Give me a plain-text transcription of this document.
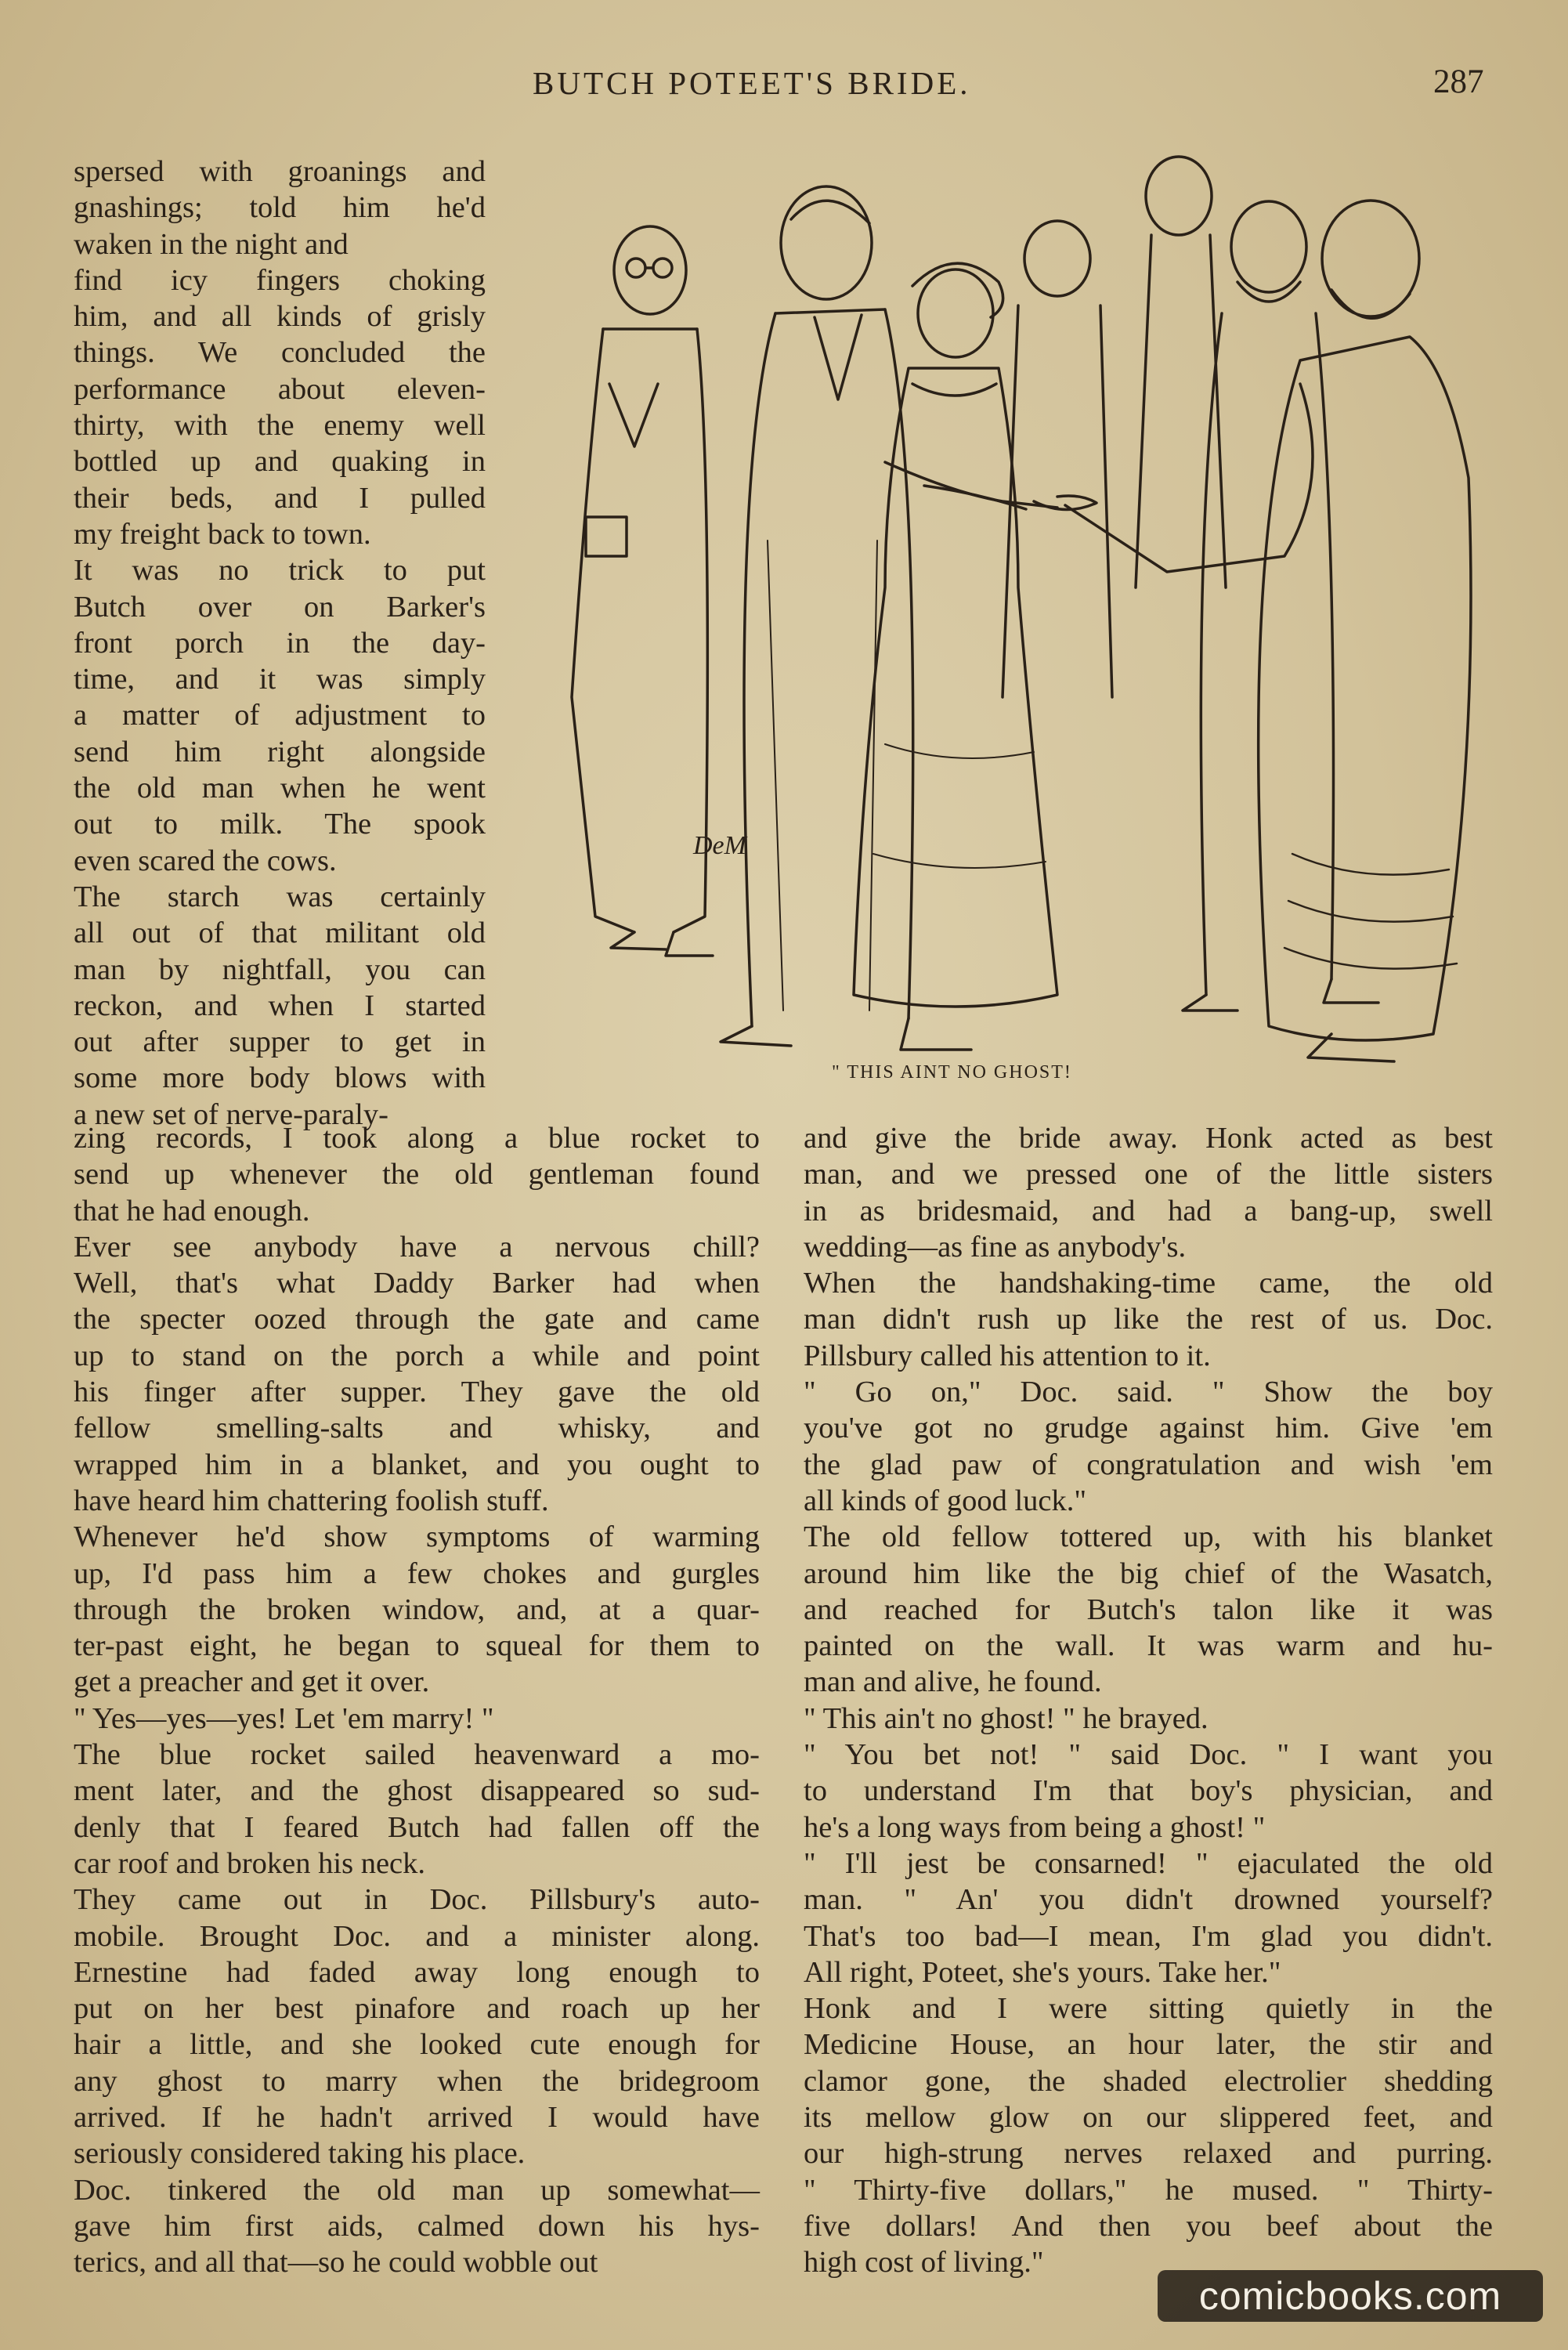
BUTCH POTEET'S BRIDE.	287
spersed with groanings and
gnashings; told him he'd
waken in the night and
find icy fingers choking
him, and all kinds of grisly
things. We concluded the
performance about eleven-
thirty, with the enemy well
bottled up and quaking in
their beds, and I pulled
my freight back to town.
It was no trick to put
Butch over on Barker's
front porch in the day-
time, and it was simply
a matter of adjustment to
send him right alongside
the old man when he went
out to milk. The spook
even scared the cows.
The starch was certainly
all out of that militant old
man by nightfall, you can
reckon, and when I started
out after supper to get in
some more body blows with
a new set of nerve-paraly-
DeM
" THIS AINT NO GHOST!
zing records, I took along a blue rocket to
send up whenever the old gentleman found
that he had enough.
Ever see anybody have a nervous chill?
Well, that's what Daddy Barker had when
the specter oozed through the gate and came
up to stand on the porch a while and point
his finger after supper. They gave the old
fellow smelling-salts and whisky, and
wrapped him in a blanket, and you ought to
have heard him chattering foolish stuff.
Whenever he'd show symptoms of warming
up, I'd pass him a few chokes and gurgles
through the broken window, and, at a quar-
ter-past eight, he began to squeal for them to
get a preacher and get it over.
" Yes—yes—yes! Let 'em marry! "
The blue rocket sailed heavenward a mo-
ment later, and the ghost disappeared so sud-
denly that I feared Butch had fallen off the
car roof and broken his neck.
They came out in Doc. Pillsbury's auto-
mobile. Brought Doc. and a minister along.
Ernestine had faded away long enough to
put on her best pinafore and roach up her
hair a little, and she looked cute enough for
any ghost to marry when the bridegroom
arrived. If he hadn't arrived I would have
seriously considered taking his place.
Doc. tinkered the old man up somewhat—
gave him first aids, calmed down his hys-
terics, and all that—so he could wobble out
and give the bride away. Honk acted as best
man, and we pressed one of the little sisters
in as bridesmaid, and had a bang-up, swell
wedding—as fine as anybody's.
When the handshaking-time came, the old
man didn't rush up like the rest of us. Doc.
Pillsbury called his attention to it.
" Go on," Doc. said. " Show the boy
you've got no grudge against him. Give 'em
the glad paw of congratulation and wish 'em
all kinds of good luck."
The old fellow tottered up, with his blanket
around him like the big chief of the Wasatch,
and reached for Butch's talon like it was
painted on the wall. It was warm and hu-
man and alive, he found.
" This ain't no ghost! " he brayed.
" You bet not! " said Doc. " I want you
to understand I'm that boy's physician, and
he's a long ways from being a ghost! "
" I'll jest be consarned! " ejaculated the old
man. " An' you didn't drowned yourself?
That's too bad—I mean, I'm glad you didn't.
All right, Poteet, she's yours. Take her."
Honk and I were sitting quietly in the
Medicine House, an hour later, the stir and
clamor gone, the shaded electrolier shedding
its mellow glow on our slippered feet, and
our high-strung nerves relaxed and purring.
" Thirty-five dollars," he mused. " Thirty-
five dollars! And then you beef about the
high cost of living."
comicbooks.com
